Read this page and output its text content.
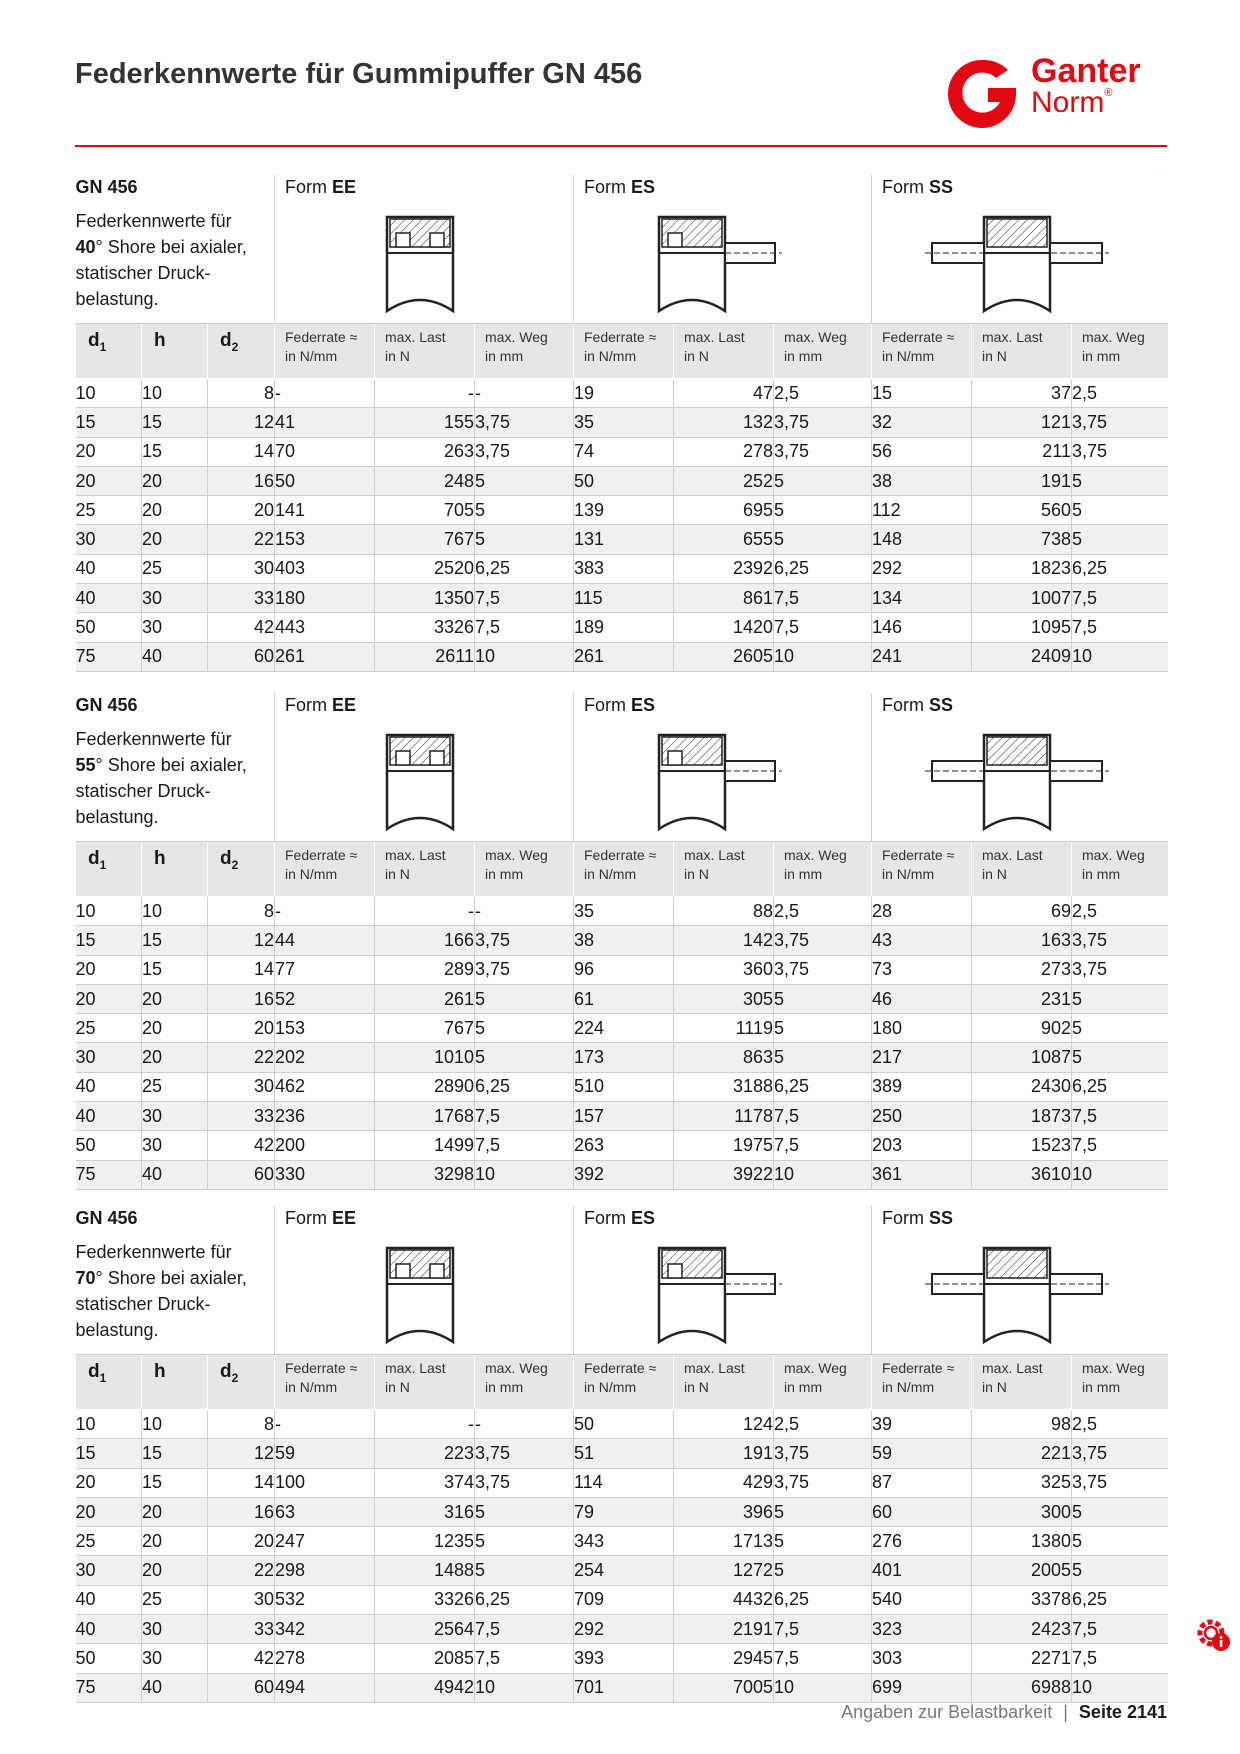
Federkennwerte für Gummipuffer GN 456	Ganter
Norm®
GN 456
Federkennwerte für
40° Shore bei axialer, statischer Druck-belastung.			Form EE			Form ES			Form SS		

$d_1$	h	$d_2$	Federrate ≈
in N/mm	max. Last
in N	max. Weg
in mm	Federrate ≈
in N/mm	max. Last
in N	max. Weg
in mm	Federrate ≈
in N/mm	max. Last
in N	max. Weg
in mm
10	10	8	-	-	-	19	47	2,5	15	37	2,5
15	15	12	41	155	3,75	35	132	3,75	32	121	3,75
20	15	14	70	263	3,75	74	278	3,75	56	211	3,75
20	20	16	50	248	5	50	252	5	38	191	5
25	20	20	141	705	5	139	695	5	112	560	5
30	20	22	153	767	5	131	655	5	148	738	5
40	25	30	403	2520	6,25	383	2392	6,25	292	1823	6,25
40	30	33	180	1350	7,5	115	861	7,5	134	1007	7,5
50	30	42	443	3326	7,5	189	1420	7,5	146	1095	7,5
75	40	60	261	2611	10	261	2605	10	241	2409	10
GN 456
Federkennwerte für
55° Shore bei axialer, statischer Druck-belastung.			Form EE			Form ES			Form SS		

$d_1$	h	$d_2$	Federrate ≈
in N/mm	max. Last
in N	max. Weg
in mm	Federrate ≈
in N/mm	max. Last
in N	max. Weg
in mm	Federrate ≈
in N/mm	max. Last
in N	max. Weg
in mm
10	10	8	-	-	-	35	88	2,5	28	69	2,5
15	15	12	44	166	3,75	38	142	3,75	43	163	3,75
20	15	14	77	289	3,75	96	360	3,75	73	273	3,75
20	20	16	52	261	5	61	305	5	46	231	5
25	20	20	153	767	5	224	1119	5	180	902	5
30	20	22	202	1010	5	173	863	5	217	1087	5
40	25	30	462	2890	6,25	510	3188	6,25	389	2430	6,25
40	30	33	236	1768	7,5	157	1178	7,5	250	1873	7,5
50	30	42	200	1499	7,5	263	1975	7,5	203	1523	7,5
75	40	60	330	3298	10	392	3922	10	361	3610	10
GN 456
Federkennwerte für
70° Shore bei axialer, statischer Druck-belastung.			Form EE			Form ES			Form SS		

$d_1$	h	$d_2$	Federrate ≈
in N/mm	max. Last
in N	max. Weg
in mm	Federrate ≈
in N/mm	max. Last
in N	max. Weg
in mm	Federrate ≈
in N/mm	max. Last
in N	max. Weg
in mm
10	10	8	-	-	-	50	124	2,5	39	98	2,5
15	15	12	59	223	3,75	51	191	3,75	59	221	3,75
20	15	14	100	374	3,75	114	429	3,75	87	325	3,75
20	20	16	63	316	5	79	396	5	60	300	5
25	20	20	247	1235	5	343	1713	5	276	1380	5
30	20	22	298	1488	5	254	1272	5	401	2005	5
40	25	30	532	3326	6,25	709	4432	6,25	540	3378	6,25
40	30	33	342	2564	7,5	292	2191	7,5	323	2423	7,5
50	30	42	278	2085	7,5	393	2945	7,5	303	2271	7,5
75	40	60	494	4942	10	701	7005	10	699	6988	10
Angaben zur Belastbarkeit | Seite 2141
